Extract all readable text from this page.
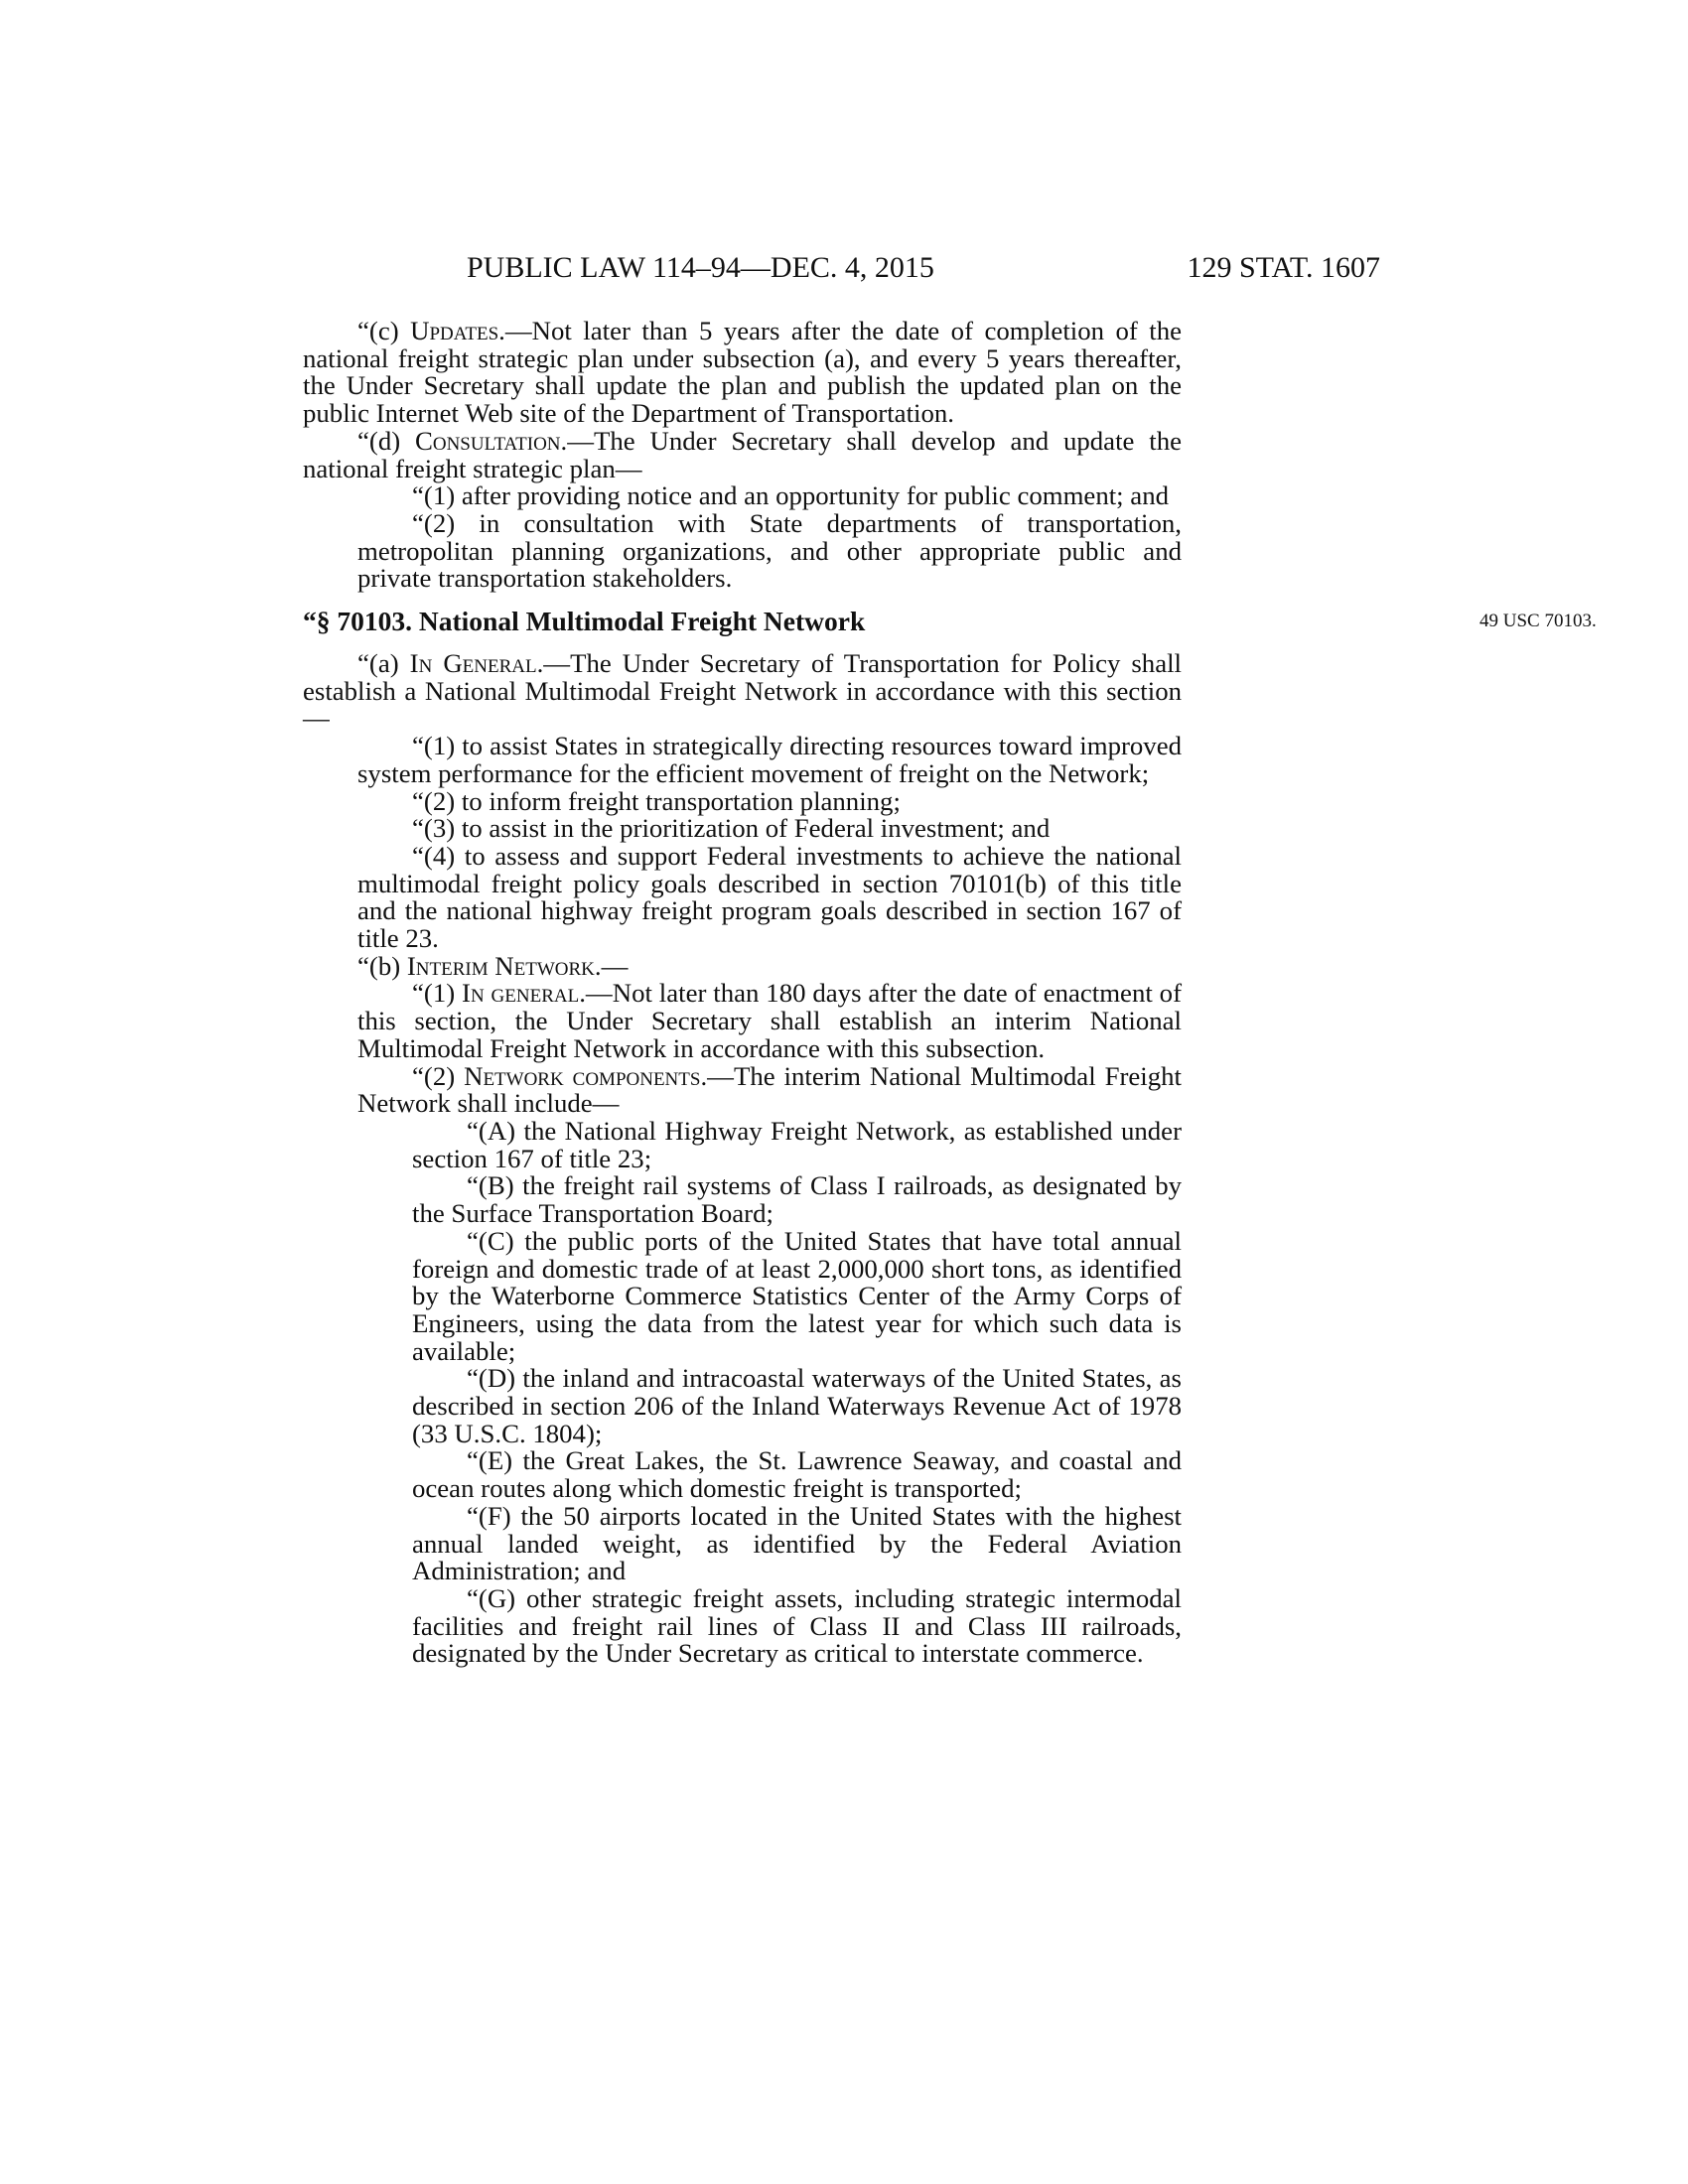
PUBLIC LAW 114–94—DEC. 4, 2015	129 STAT. 1607

“(c) Updates.—Not later than 5 years after the date of completion of the national freight strategic plan under subsection (a), and every 5 years thereafter, the Under Secretary shall update the plan and publish the updated plan on the public Internet Web site of the Department of Transportation.

“(d) Consultation.—The Under Secretary shall develop and update the national freight strategic plan—

“(1) after providing notice and an opportunity for public comment; and

“(2) in consultation with State departments of transportation, metropolitan planning organizations, and other appropriate public and private transportation stakeholders.

“§ 70103. National Multimodal Freight Network	49 USC 70103.

“(a) In General.—The Under Secretary of Transportation for Policy shall establish a National Multimodal Freight Network in accordance with this section—

“(1) to assist States in strategically directing resources toward improved system performance for the efficient movement of freight on the Network;

“(2) to inform freight transportation planning;

“(3) to assist in the prioritization of Federal investment; and

“(4) to assess and support Federal investments to achieve the national multimodal freight policy goals described in section 70101(b) of this title and the national highway freight program goals described in section 167 of title 23.

“(b) Interim Network.—

“(1) In general.—Not later than 180 days after the date of enactment of this section, the Under Secretary shall establish an interim National Multimodal Freight Network in accordance with this subsection.

“(2) Network components.—The interim National Multimodal Freight Network shall include—

“(A) the National Highway Freight Network, as established under section 167 of title 23;

“(B) the freight rail systems of Class I railroads, as designated by the Surface Transportation Board;

“(C) the public ports of the United States that have total annual foreign and domestic trade of at least 2,000,000 short tons, as identified by the Waterborne Commerce Statistics Center of the Army Corps of Engineers, using the data from the latest year for which such data is available;

“(D) the inland and intracoastal waterways of the United States, as described in section 206 of the Inland Waterways Revenue Act of 1978 (33 U.S.C. 1804);

“(E) the Great Lakes, the St. Lawrence Seaway, and coastal and ocean routes along which domestic freight is transported;

“(F) the 50 airports located in the United States with the highest annual landed weight, as identified by the Federal Aviation Administration; and

“(G) other strategic freight assets, including strategic intermodal facilities and freight rail lines of Class II and Class III railroads, designated by the Under Secretary as critical to interstate commerce.
